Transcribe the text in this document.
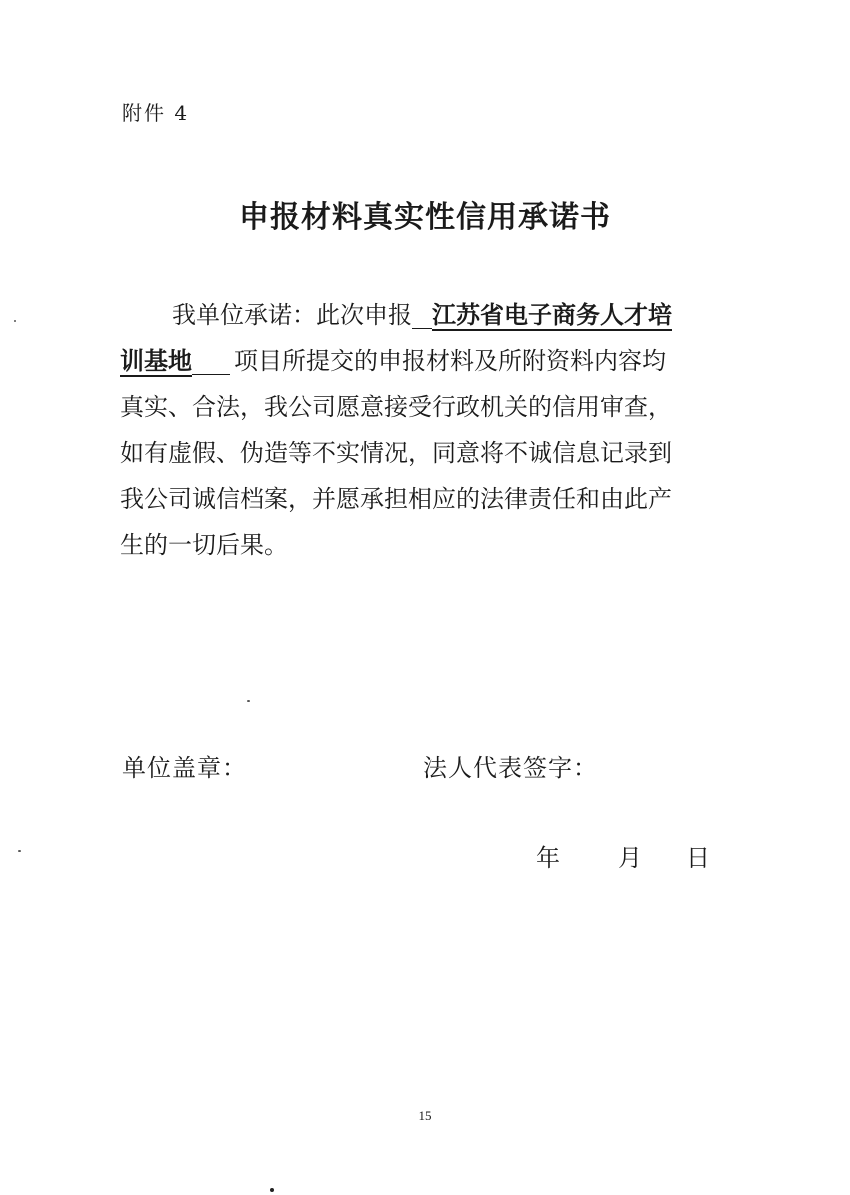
附件 4
申报材料真实性信用承诺书
我单位承诺：此次申报 江苏省电子商务人才培
训基地 项目所提交的申报材料及所附资料内容均
真实、合法，我公司愿意接受行政机关的信用审查，
如有虚假、伪造等不实情况，同意将不诚信息记录到
我公司诚信档案，并愿承担相应的法律责任和由此产
生的一切后果。
单位盖章：	法人代表签字：
年 月 日
15
